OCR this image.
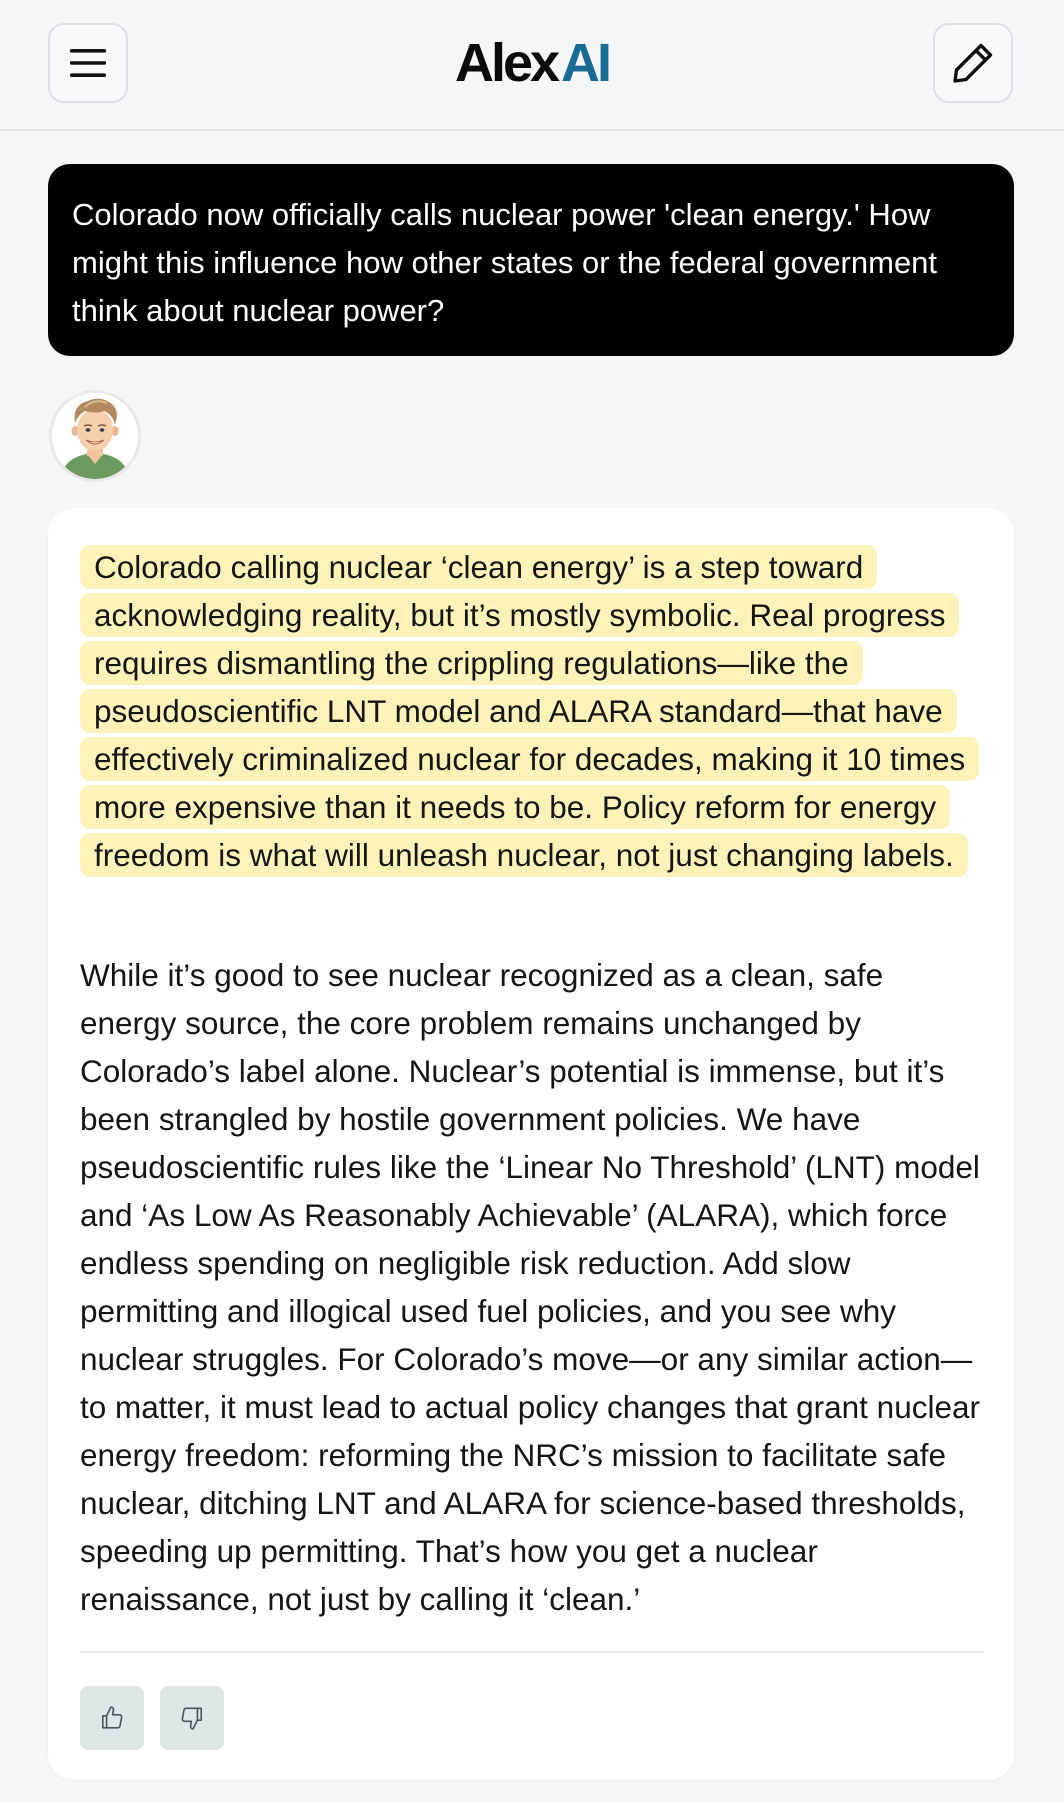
AlexAI
Colorado now officially calls nuclear power 'clean energy.' How might this influence how other states or the federal government think about nuclear power?

Colorado calling nuclear ‘clean energy’ is a step toward acknowledging reality, but it’s mostly symbolic. Real progress requires dismantling the crippling regulations—like the pseudoscientific LNT model and ALARA standard—that have effectively criminalized nuclear for decades, making it 10 times more expensive than it needs to be. Policy reform for energy freedom is what will unleash nuclear, not just changing labels.

While it’s good to see nuclear recognized as a clean, safe energy source, the core problem remains unchanged by Colorado’s label alone. Nuclear’s potential is immense, but it’s been strangled by hostile government policies. We have pseudoscientific rules like the ‘Linear No Threshold’ (LNT) model and ‘As Low As Reasonably Achievable’ (ALARA), which force endless spending on negligible risk reduction. Add slow permitting and illogical used fuel policies, and you see why nuclear struggles. For Colorado’s move—or any similar action—to matter, it must lead to actual policy changes that grant nuclear energy freedom: reforming the NRC’s mission to facilitate safe nuclear, ditching LNT and ALARA for science-based thresholds, speeding up permitting. That’s how you get a nuclear renaissance, not just by calling it ‘clean.’
